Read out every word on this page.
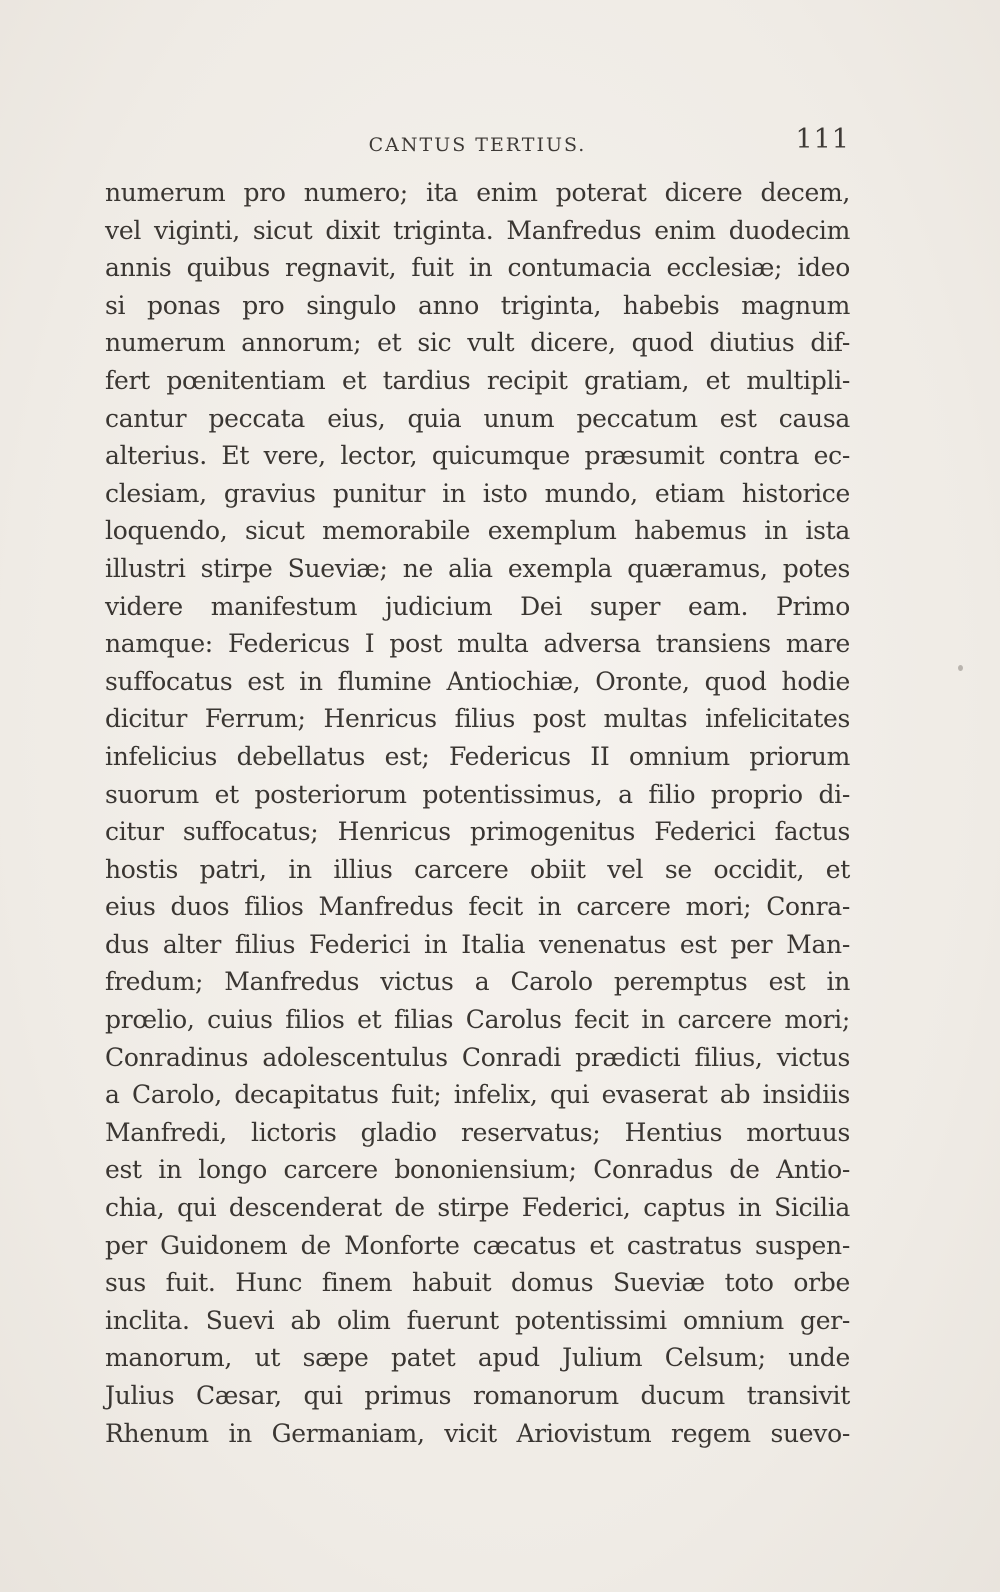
CANTUS TERTIUS.	111
numerum pro numero; ita enim poterat dicere decem,
vel viginti, sicut dixit triginta. Manfredus enim duodecim
annis quibus regnavit, fuit in contumacia ecclesiæ; ideo
si ponas pro singulo anno triginta, habebis magnum
numerum annorum; et sic vult dicere, quod diutius dif-
fert pœnitentiam et tardius recipit gratiam, et multipli-
cantur peccata eius, quia unum peccatum est causa
alterius. Et vere, lector, quicumque præsumit contra ec-
clesiam, gravius punitur in isto mundo, etiam historice
loquendo, sicut memorabile exemplum habemus in ista
illustri stirpe Sueviæ; ne alia exempla quæramus, potes
videre manifestum judicium Dei super eam. Primo
namque: Federicus I post multa adversa transiens mare
suffocatus est in flumine Antiochiæ, Oronte, quod hodie
dicitur Ferrum; Henricus filius post multas infelicitates
infelicius debellatus est; Federicus II omnium priorum
suorum et posteriorum potentissimus, a filio proprio di-
citur suffocatus; Henricus primogenitus Federici factus
hostis patri, in illius carcere obiit vel se occidit, et
eius duos filios Manfredus fecit in carcere mori; Conra-
dus alter filius Federici in Italia venenatus est per Man-
fredum; Manfredus victus a Carolo peremptus est in
prœlio, cuius filios et filias Carolus fecit in carcere mori;
Conradinus adolescentulus Conradi prædicti filius, victus
a Carolo, decapitatus fuit; infelix, qui evaserat ab insidiis
Manfredi, lictoris gladio reservatus; Hentius mortuus
est in longo carcere bononiensium; Conradus de Antio-
chia, qui descenderat de stirpe Federici, captus in Sicilia
per Guidonem de Monforte cæcatus et castratus suspen-
sus fuit. Hunc finem habuit domus Sueviæ toto orbe
inclita. Suevi ab olim fuerunt potentissimi omnium ger-
manorum, ut sæpe patet apud Julium Celsum; unde
Julius Cæsar, qui primus romanorum ducum transivit
Rhenum in Germaniam, vicit Ariovistum regem suevo-
